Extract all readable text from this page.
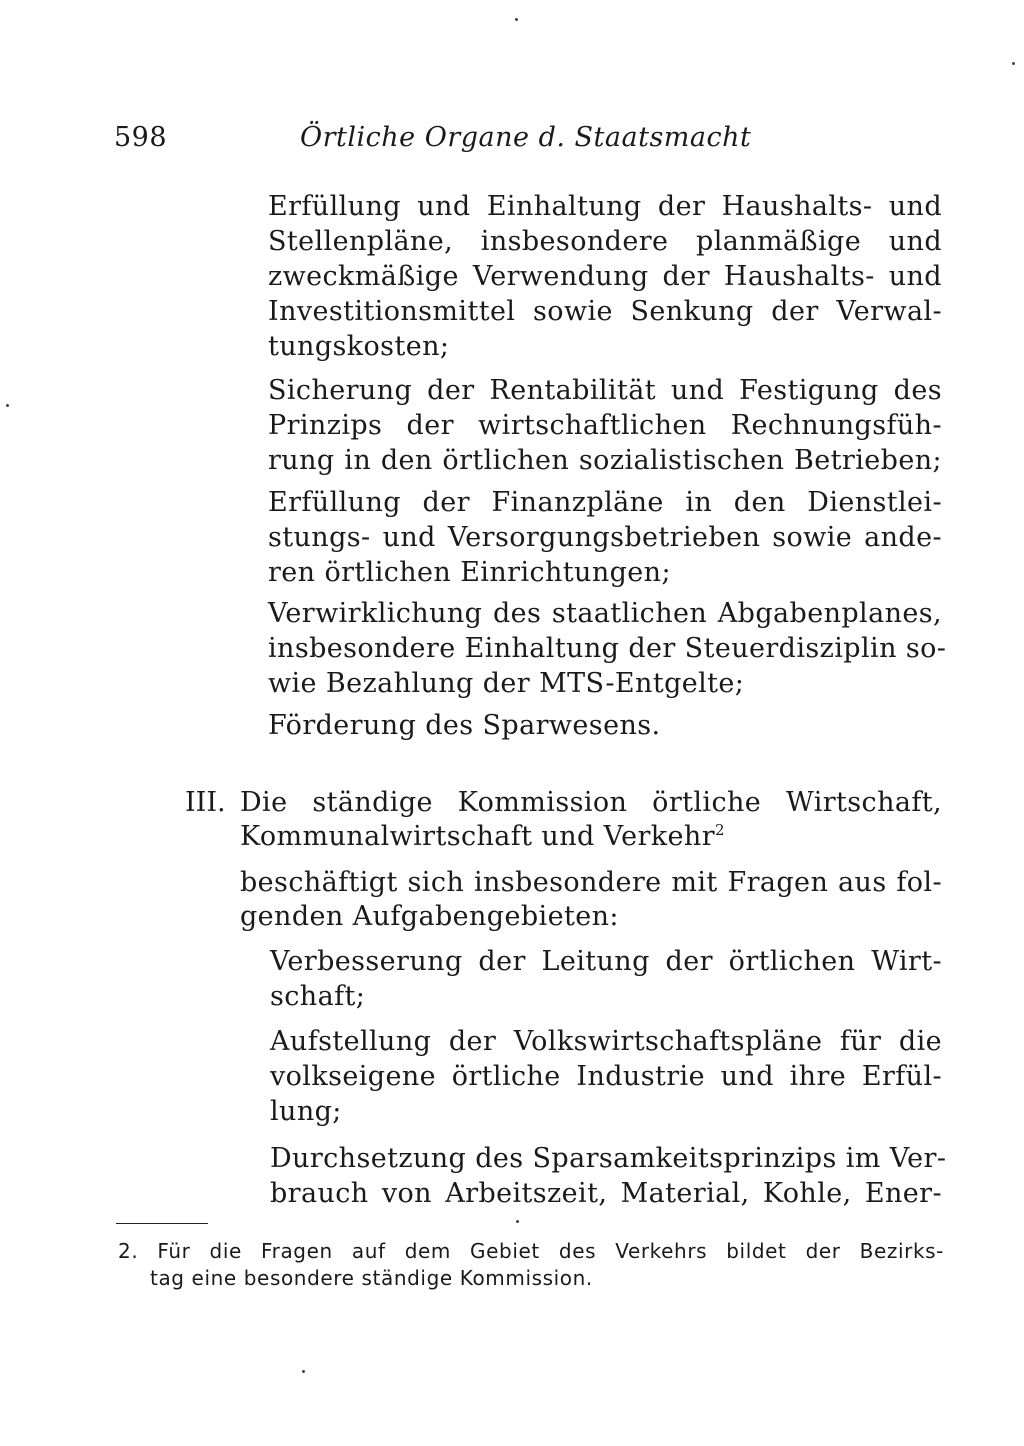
598	Örtliche Organe d. Staatsmacht
Erfüllung und Einhaltung der Haushalts- und
Stellenpläne, insbesondere planmäßige und
zweckmäßige Verwendung der Haushalts- und
Investitionsmittel sowie Senkung der Verwal-
tungskosten;
Sicherung der Rentabilität und Festigung des
Prinzips der wirtschaftlichen Rechnungsfüh-
rung in den örtlichen sozialistischen Betrieben;
Erfüllung der Finanzpläne in den Dienstlei-
stungs- und Versorgungsbetrieben sowie ande-
ren örtlichen Einrichtungen;
Verwirklichung des staatlichen Abgabenplanes,
insbesondere Einhaltung der Steuerdisziplin so-
wie Bezahlung der MTS-Entgelte;
Förderung des Sparwesens.
III. Die ständige Kommission örtliche Wirtschaft,
Kommunalwirtschaft und Verkehr$^2$
beschäftigt sich insbesondere mit Fragen aus fol-
genden Aufgabengebieten:
Verbesserung der Leitung der örtlichen Wirt-
schaft;
Aufstellung der Volkswirtschaftspläne für die
volkseigene örtliche Industrie und ihre Erfül-
lung;
Durchsetzung des Sparsamkeitsprinzips im Ver-
brauch von Arbeitszeit, Material, Kohle, Ener-
2. Für die Fragen auf dem Gebiet des Verkehrs bildet der Bezirks-
tag eine besondere ständige Kommission.
